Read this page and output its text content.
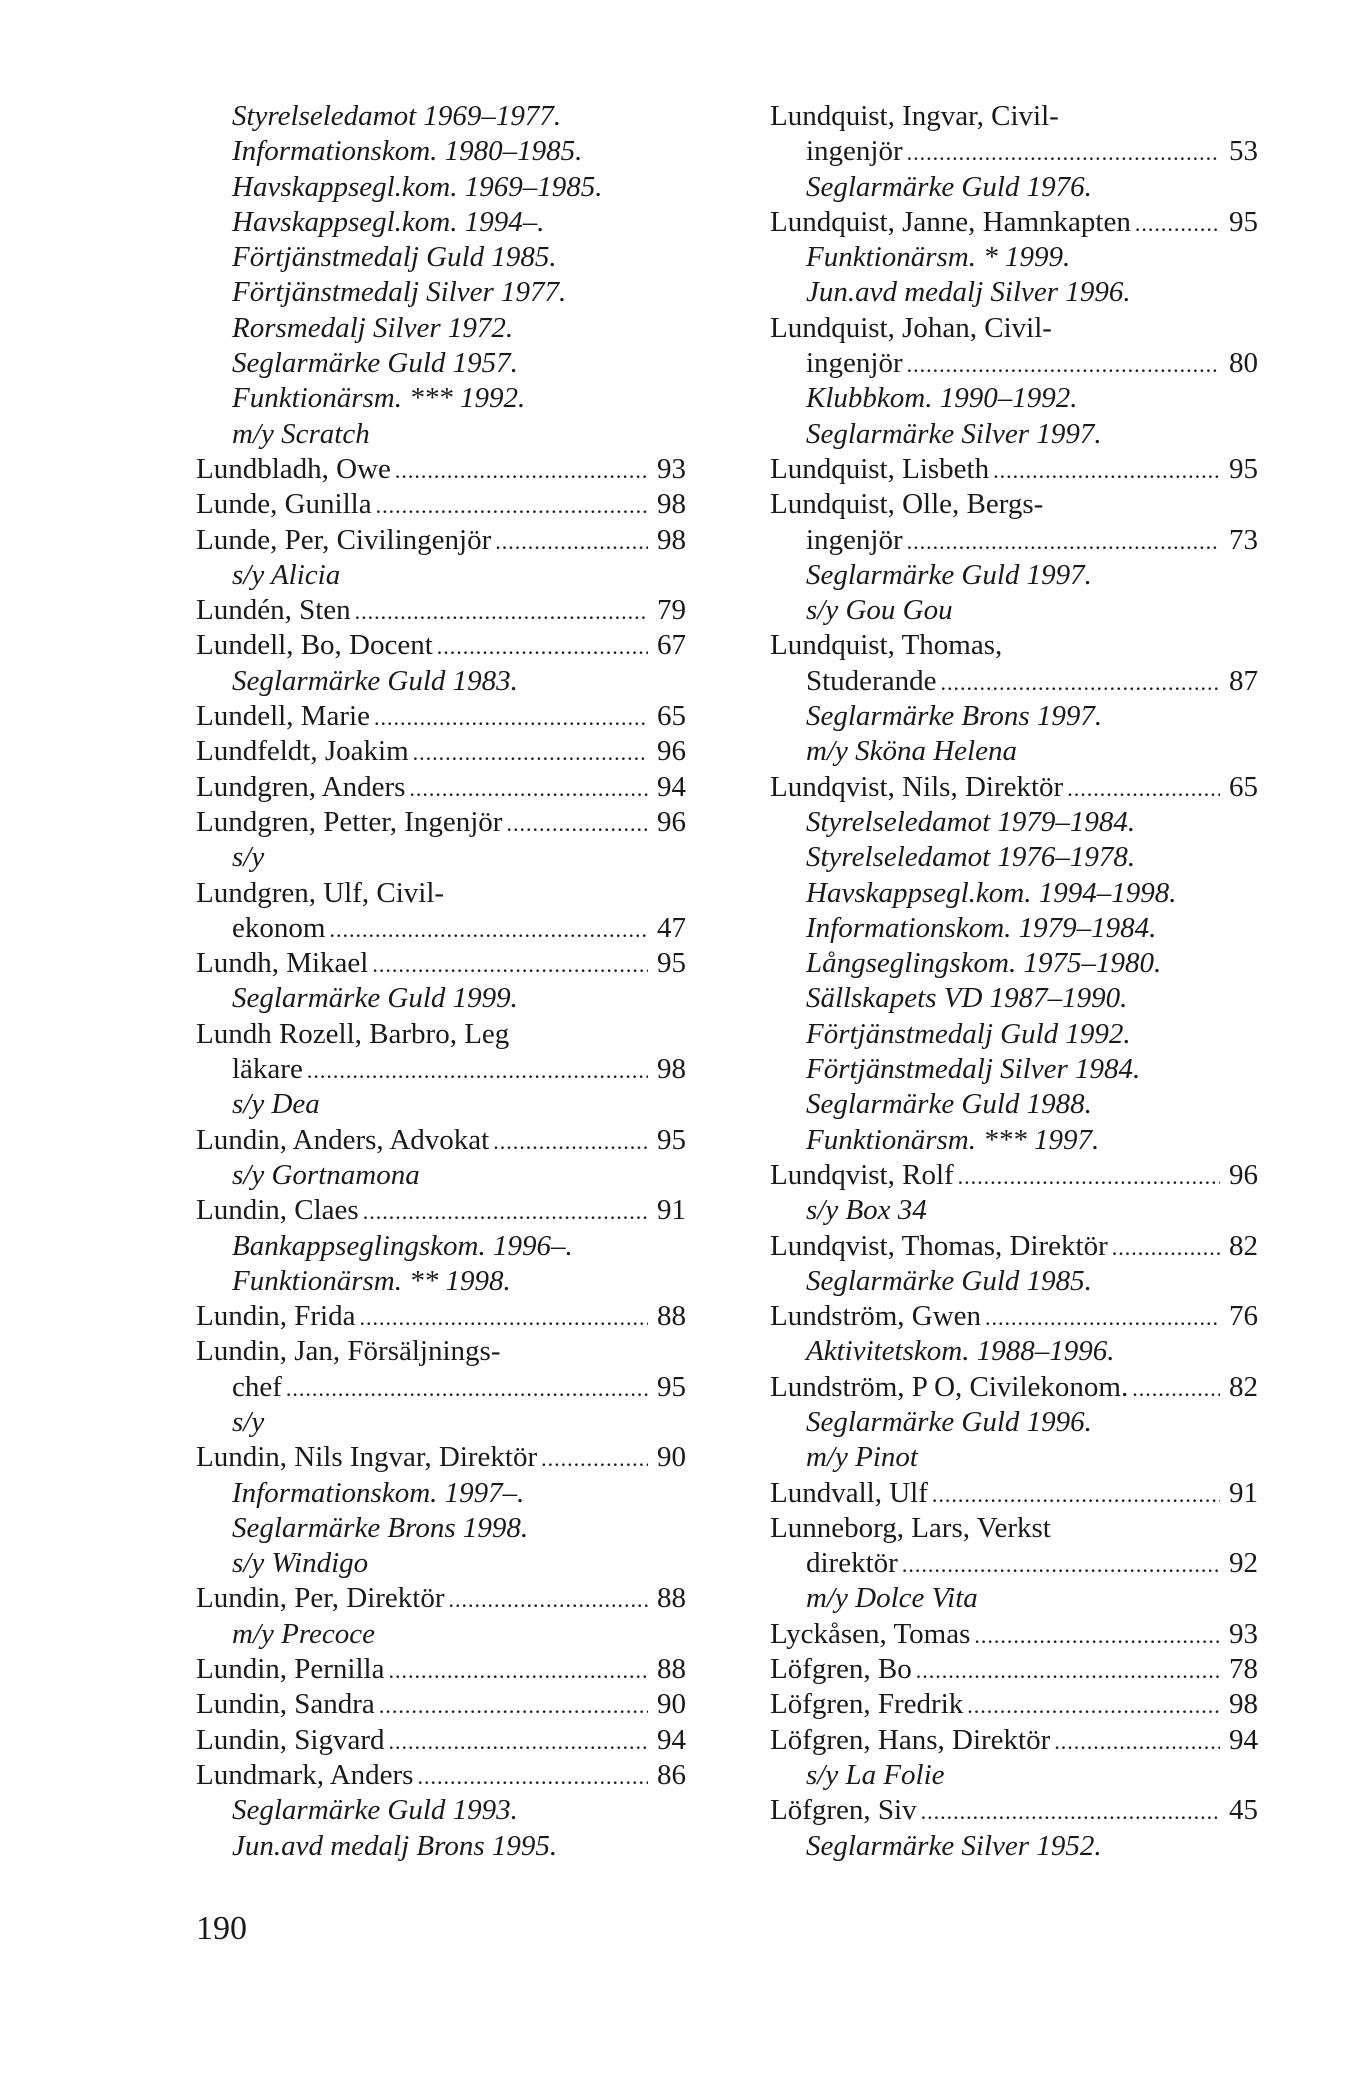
Styrelseledamot 1969–1977.
Informationskom. 1980–1985.
Havskappsegl.kom. 1969–1985.
Havskappsegl.kom. 1994–.
Förtjänstmedalj Guld 1985.
Förtjänstmedalj Silver 1977.
Rorsmedalj Silver 1972.
Seglarmärke Guld 1957.
Funktionärsm. *** 1992.
m/y Scratch
Lundbladh, Owe .....	93
Lunde, Gunilla .....	98
Lunde, Per, Civilingenjör .....	98
s/y Alicia
Lundén, Sten .....	79
Lundell, Bo, Docent .....	67
Seglarmärke Guld 1983.
Lundell, Marie .....	65
Lundfeldt, Joakim .....	96
Lundgren, Anders .....	94
Lundgren, Petter, Ingenjör .....	96
s/y
Lundgren, Ulf, Civil-
ekonom .....	47
Lundh, Mikael .....	95
Seglarmärke Guld 1999.
Lundh Rozell, Barbro, Leg
läkare .....	98
s/y Dea
Lundin, Anders, Advokat .....	95
s/y Gortnamona
Lundin, Claes .....	91
Bankappseglingskom. 1996–.
Funktionärsm. ** 1998.
Lundin, Frida .....	88
Lundin, Jan, Försäljnings-
chef .....	95
s/y
Lundin, Nils Ingvar, Direktör .....	90
Informationskom. 1997–.
Seglarmärke Brons 1998.
s/y Windigo
Lundin, Per, Direktör .....	88
m/y Precoce
Lundin, Pernilla .....	88
Lundin, Sandra .....	90
Lundin, Sigvard .....	94
Lundmark, Anders .....	86
Seglarmärke Guld 1993.
Jun.avd medalj Brons 1995.
Lundquist, Ingvar, Civil-
ingenjör .....	53
Seglarmärke Guld 1976.
Lundquist, Janne, Hamnkapten .....	95
Funktionärsm. * 1999.
Jun.avd medalj Silver 1996.
Lundquist, Johan, Civil-
ingenjör .....	80
Klubbkom. 1990–1992.
Seglarmärke Silver 1997.
Lundquist, Lisbeth .....	95
Lundquist, Olle, Bergs-
ingenjör .....	73
Seglarmärke Guld 1997.
s/y Gou Gou
Lundquist, Thomas,
Studerande .....	87
Seglarmärke Brons 1997.
m/y Sköna Helena
Lundqvist, Nils, Direktör .....	65
Styrelseledamot 1979–1984.
Styrelseledamot 1976–1978.
Havskappsegl.kom. 1994–1998.
Informationskom. 1979–1984.
Långseglingskom. 1975–1980.
Sällskapets VD 1987–1990.
Förtjänstmedalj Guld 1992.
Förtjänstmedalj Silver 1984.
Seglarmärke Guld 1988.
Funktionärsm. *** 1997.
Lundqvist, Rolf .....	96
s/y Box 34
Lundqvist, Thomas, Direktör .....	82
Seglarmärke Guld 1985.
Lundström, Gwen .....	76
Aktivitetskom. 1988–1996.
Lundström, P O, Civilekonom. .....	82
Seglarmärke Guld 1996.
m/y Pinot
Lundvall, Ulf .....	91
Lunneborg, Lars, Verkst
direktör .....	92
m/y Dolce Vita
Lyckåsen, Tomas .....	93
Löfgren, Bo .....	78
Löfgren, Fredrik .....	98
Löfgren, Hans, Direktör .....	94
s/y La Folie
Löfgren, Siv .....	45
Seglarmärke Silver 1952.
190
